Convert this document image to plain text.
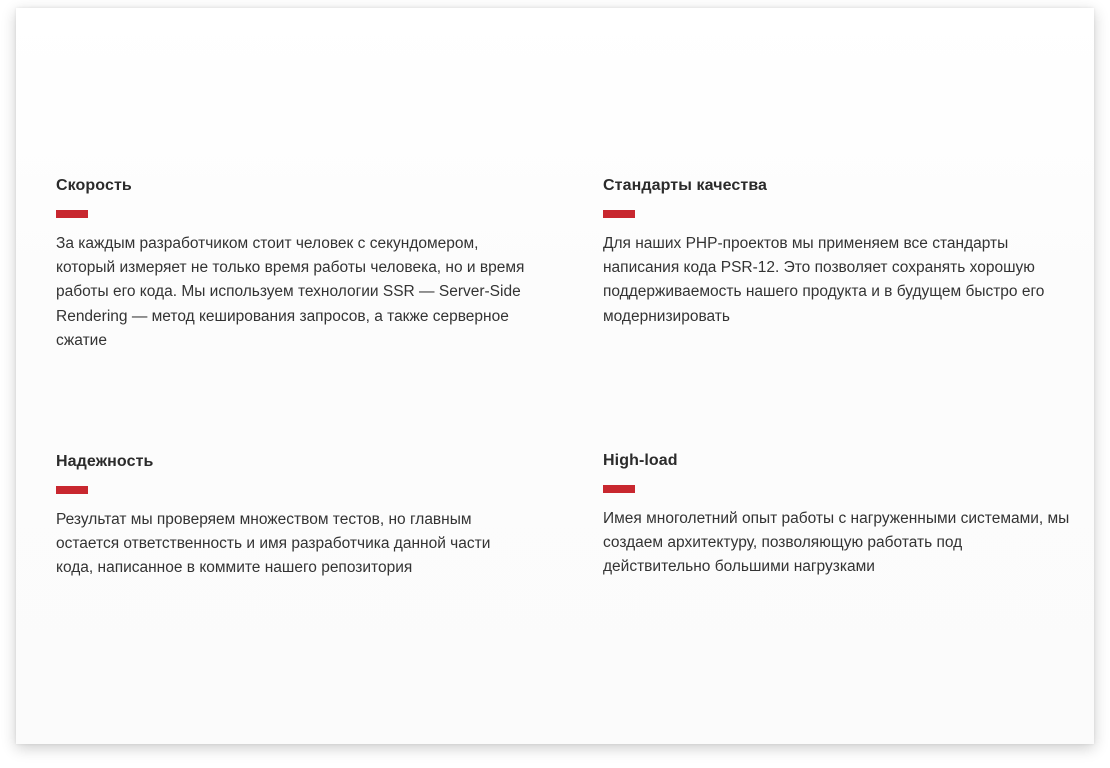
Скорость

За каждым разработчиком стоит человек с секундомером, который измеряет не только время работы человека, но и время работы его кода. Мы используем технологии SSR — Server-Side Rendering — метод кеширования запросов, а также серверное сжатие

Стандарты качества

Для наших PHP-проектов мы применяем все стандарты написания кода PSR-12. Это позволяет сохранять хорошую поддерживаемость нашего продукта и в будущем быстро его модернизировать

Надежность

Результат мы проверяем множеством тестов, но главным остается ответственность и имя разработчика данной части кода, написанное в коммите нашего репозитория

High-load

Имея многолетний опыт работы с нагруженными системами, мы создаем архитектуру, позволяющую работать под действительно большими нагрузками
